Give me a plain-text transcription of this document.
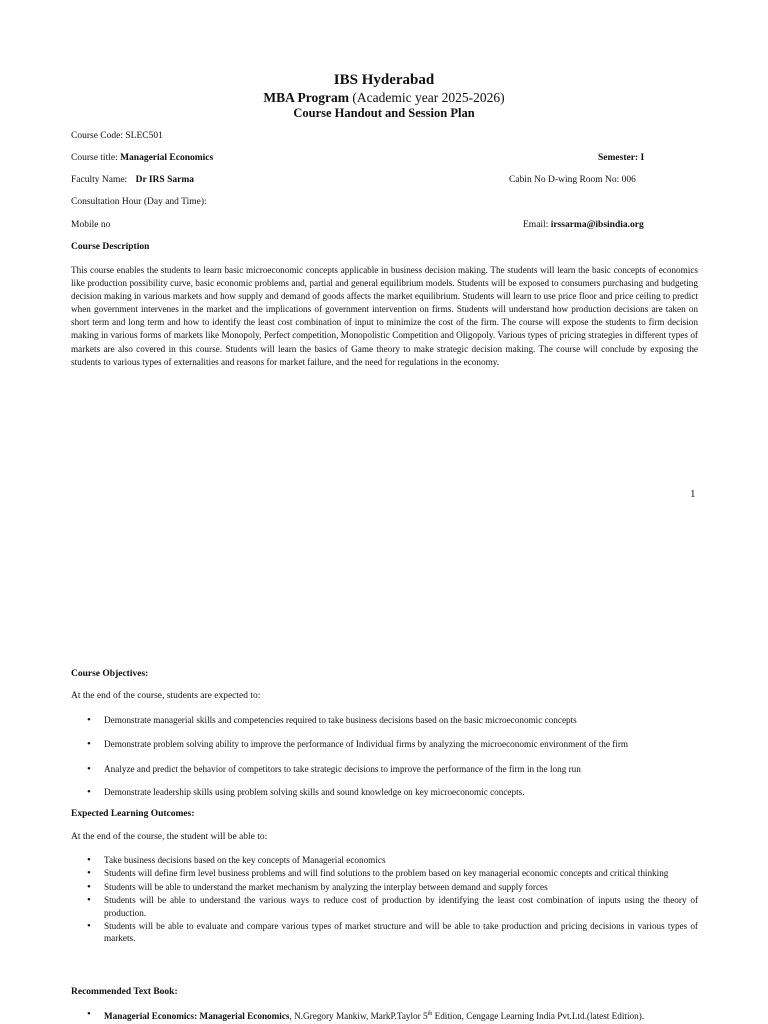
IBS Hyderabad
MBA Program (Academic year 2025-2026)
Course Handout and Session Plan
Course Code: SLEC501
Course title: Managerial Economics	Semester: I
Faculty Name: Dr IRS Sarma	Cabin No D-wing Room No: 006
Consultation Hour (Day and Time):
Mobile no	Email: irssarma@ibsindia.org
Course Description
This course enables the students to learn basic microeconomic concepts applicable in business decision making. The students will learn the basic concepts of economics like production possibility curve, basic economic problems and, partial and general equilibrium models. Students will be exposed to consumers purchasing and budgeting decision making in various markets and how supply and demand of goods affects the market equilibrium. Students will learn to use price floor and price ceiling to predict when government intervenes in the market and the implications of government intervention on firms. Students will understand how production decisions are taken on short term and long term and how to identify the least cost combination of input to minimize the cost of the firm. The course will expose the students to firm decision making in various forms of markets like Monopoly, Perfect competition, Monopolistic Competition and Oligopoly. Various types of pricing strategies in different types of markets are also covered in this course. Students will learn the basics of Game theory to make strategic decision making. The course will conclude by exposing the students to various types of externalities and reasons for market failure, and the need for regulations in the economy.
1
Course Objectives:
At the end of the course, students are expected to:
• Demonstrate managerial skills and competencies required to take business decisions based on the basic microeconomic concepts
• Demonstrate problem solving ability to improve the performance of Individual firms by analyzing the microeconomic environment of the firm
• Analyze and predict the behavior of competitors to take strategic decisions to improve the performance of the firm in the long run
• Demonstrate leadership skills using problem solving skills and sound knowledge on key microeconomic concepts.
Expected Learning Outcomes:
At the end of the course, the student will be able to:
• Take business decisions based on the key concepts of Managerial economics
• Students will define firm level business problems and will find solutions to the problem based on key managerial economic concepts and critical thinking
• Students will be able to understand the market mechanism by analyzing the interplay between demand and supply forces
• Students will be able to understand the various ways to reduce cost of production by identifying the least cost combination of inputs using the theory of production.
• Students will be able to evaluate and compare various types of market structure and will be able to take production and pricing decisions in various types of markets.
Recommended Text Book:
• Managerial Economics: Managerial Economics, N.Gregory Mankiw, MarkP.Taylor 5th Edition, Cengage Learning India Pvt.Ltd.(latest Edition).
